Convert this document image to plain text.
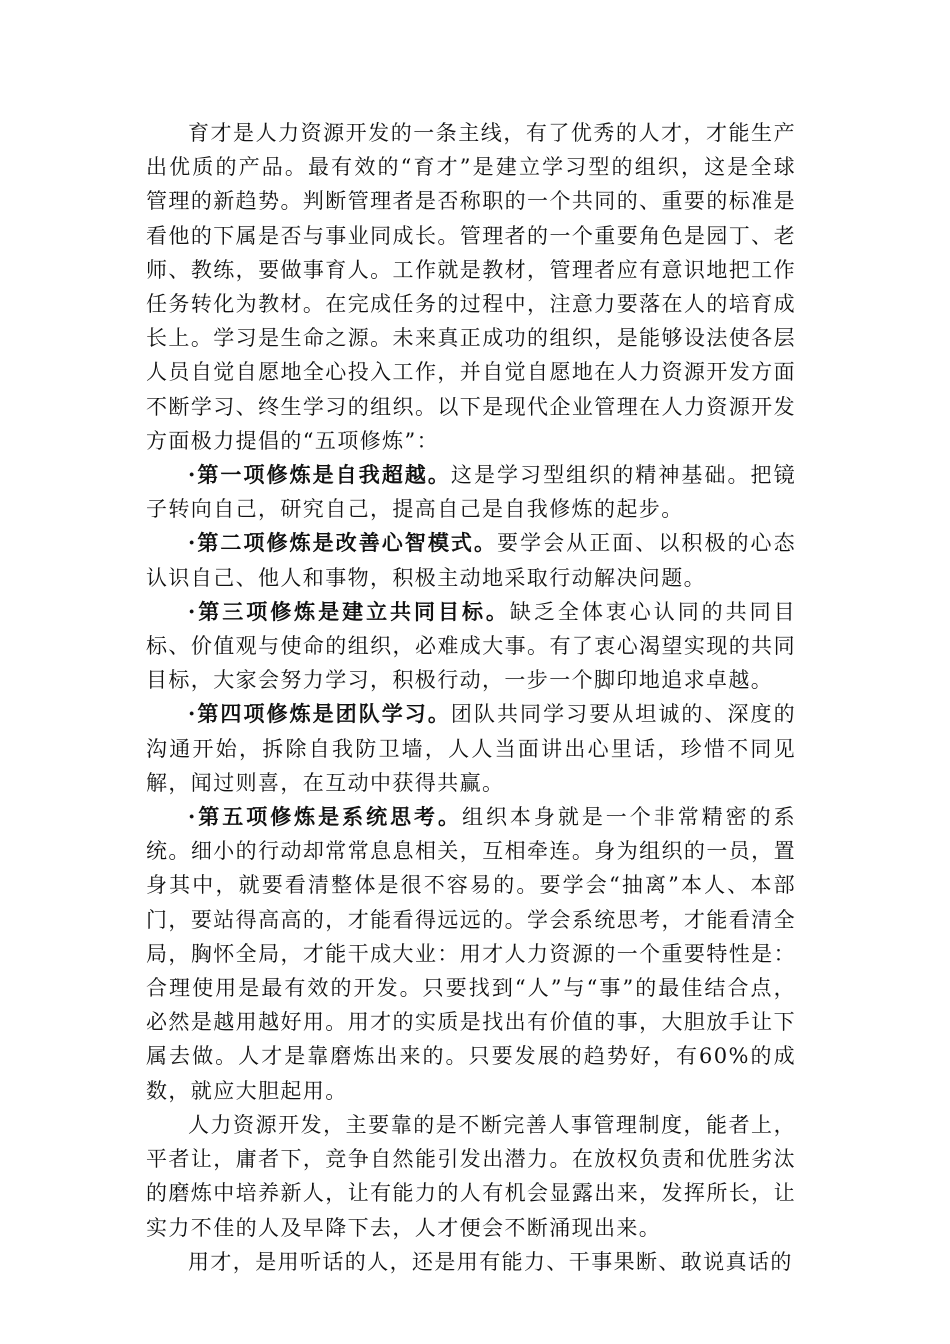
育才是人力资源开发的一条主线，有了优秀的人才，才能生产出优质的产品。最有效的“育才”是建立学习型的组织，这是全球管理的新趋势。判断管理者是否称职的一个共同的、重要的标准是看他的下属是否与事业同成长。管理者的一个重要角色是园丁、老师、教练，要做事育人。工作就是教材，管理者应有意识地把工作任务转化为教材。在完成任务的过程中，注意力要落在人的培育成长上。学习是生命之源。未来真正成功的组织，是能够设法使各层人员自觉自愿地全心投入工作，并自觉自愿地在人力资源开发方面不断学习、终生学习的组织。以下是现代企业管理在人力资源开发方面极力提倡的“五项修炼”：

·第一项修炼是自我超越。这是学习型组织的精神基础。把镜子转向自己，研究自己，提高自己是自我修炼的起步。

·第二项修炼是改善心智模式。要学会从正面、以积极的心态认识自己、他人和事物，积极主动地采取行动解决问题。

·第三项修炼是建立共同目标。缺乏全体衷心认同的共同目标、价值观与使命的组织，必难成大事。有了衷心渴望实现的共同目标，大家会努力学习，积极行动，一步一个脚印地追求卓越。

·第四项修炼是团队学习。团队共同学习要从坦诚的、深度的沟通开始，拆除自我防卫墙，人人当面讲出心里话，珍惜不同见解，闻过则喜，在互动中获得共赢。

·第五项修炼是系统思考。组织本身就是一个非常精密的系统。细小的行动却常常息息相关，互相牵连。身为组织的一员，置身其中，就要看清整体是很不容易的。要学会“抽离”本人、本部门，要站得高高的，才能看得远远的。学会系统思考，才能看清全局，胸怀全局，才能干成大业：用才人力资源的一个重要特性是：合理使用是最有效的开发。只要找到“人”与“事”的最佳结合点，必然是越用越好用。用才的实质是找出有价值的事，大胆放手让下属去做。人才是靠磨炼出来的。只要发展的趋势好，有60%的成数，就应大胆起用。

人力资源开发，主要靠的是不断完善人事管理制度，能者上，平者让，庸者下，竞争自然能引发出潜力。在放权负责和优胜劣汰的磨炼中培养新人，让有能力的人有机会显露出来，发挥所长，让实力不佳的人及早降下去，人才便会不断涌现出来。

用才，是用听话的人，还是用有能力、干事果断、敢说真话的
